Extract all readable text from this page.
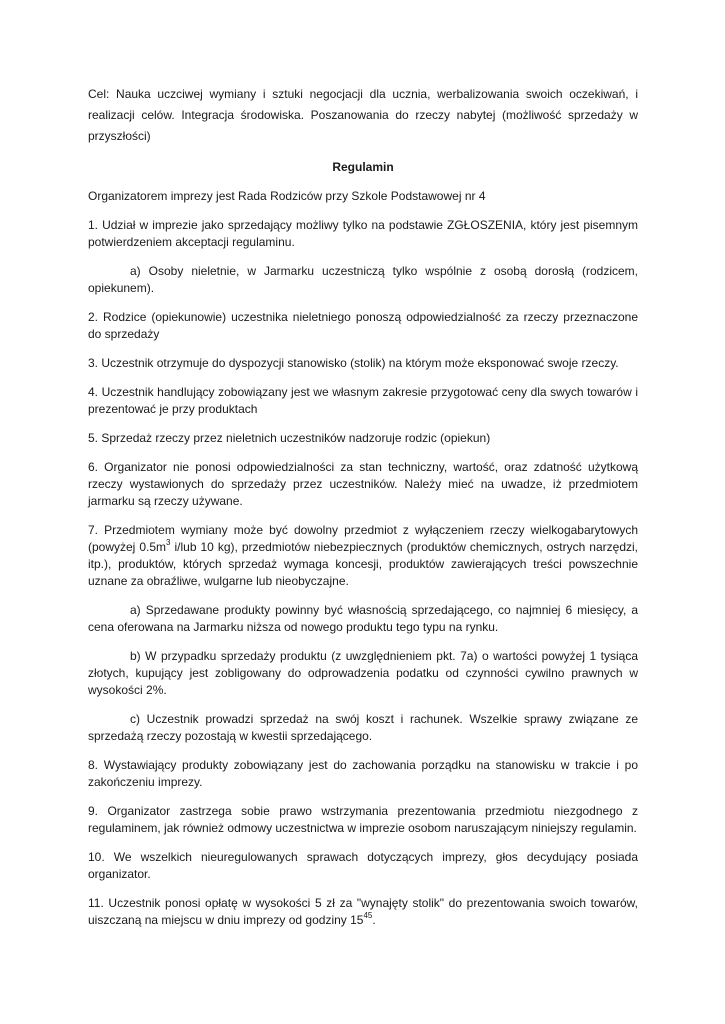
Cel: Nauka uczciwej wymiany i sztuki negocjacji dla ucznia, werbalizowania swoich oczekiwań, i realizacji celów. Integracja środowiska. Poszanowania do rzeczy nabytej (możliwość sprzedaży w przyszłości)

Regulamin

Organizatorem imprezy jest Rada Rodziców przy Szkole Podstawowej nr 4

1. Udział w imprezie jako sprzedający możliwy tylko na podstawie ZGŁOSZENIA, który jest pisemnym potwierdzeniem akceptacji regulaminu.

a) Osoby nieletnie, w Jarmarku uczestniczą tylko wspólnie z osobą dorosłą (rodzicem, opiekunem).

2. Rodzice (opiekunowie) uczestnika nieletniego ponoszą odpowiedzialność za rzeczy przeznaczone do sprzedaży

3. Uczestnik otrzymuje do dyspozycji stanowisko (stolik) na którym może eksponować swoje rzeczy.

4. Uczestnik handlujący zobowiązany jest we własnym zakresie przygotować ceny dla swych towarów i prezentować je przy produktach

5. Sprzedaż rzeczy przez nieletnich uczestników nadzoruje rodzic (opiekun)

6. Organizator nie ponosi odpowiedzialności za stan techniczny, wartość, oraz zdatność użytkową rzeczy wystawionych do sprzedaży przez uczestników. Należy mieć na uwadze, iż przedmiotem jarmarku są rzeczy używane.

7. Przedmiotem wymiany może być dowolny przedmiot z wyłączeniem rzeczy wielkogabarytowych (powyżej $0.5m^3$ i/lub 10 kg), przedmiotów niebezpiecznych (produktów chemicznych, ostrych narzędzi, itp.), produktów, których sprzedaż wymaga koncesji, produktów zawierających treści powszechnie uznane za obraźliwe, wulgarne lub nieobyczajne.

a) Sprzedawane produkty powinny być własnością sprzedającego, co najmniej 6 miesięcy, a cena oferowana na Jarmarku niższa od nowego produktu tego typu na rynku.

b) W przypadku sprzedaży produktu (z uwzględnieniem pkt. 7a) o wartości powyżej 1 tysiąca złotych, kupujący jest zobligowany do odprowadzenia podatku od czynności cywilno prawnych w wysokości 2%.

c) Uczestnik prowadzi sprzedaż na swój koszt i rachunek. Wszelkie sprawy związane ze sprzedażą rzeczy pozostają w kwestii sprzedającego.

8. Wystawiający produkty zobowiązany jest do zachowania porządku na stanowisku w trakcie i po zakończeniu imprezy.

9. Organizator zastrzega sobie prawo wstrzymania prezentowania przedmiotu niezgodnego z regulaminem, jak również odmowy uczestnictwa w imprezie osobom naruszającym niniejszy regulamin.

10. We wszelkich nieuregulowanych sprawach dotyczących imprezy, głos decydujący posiada organizator.

11. Uczestnik ponosi opłatę w wysokości 5 zł za "wynajęty stolik" do prezentowania swoich towarów, uiszczaną na miejscu w dniu imprezy od godziny $15^{45}$.
